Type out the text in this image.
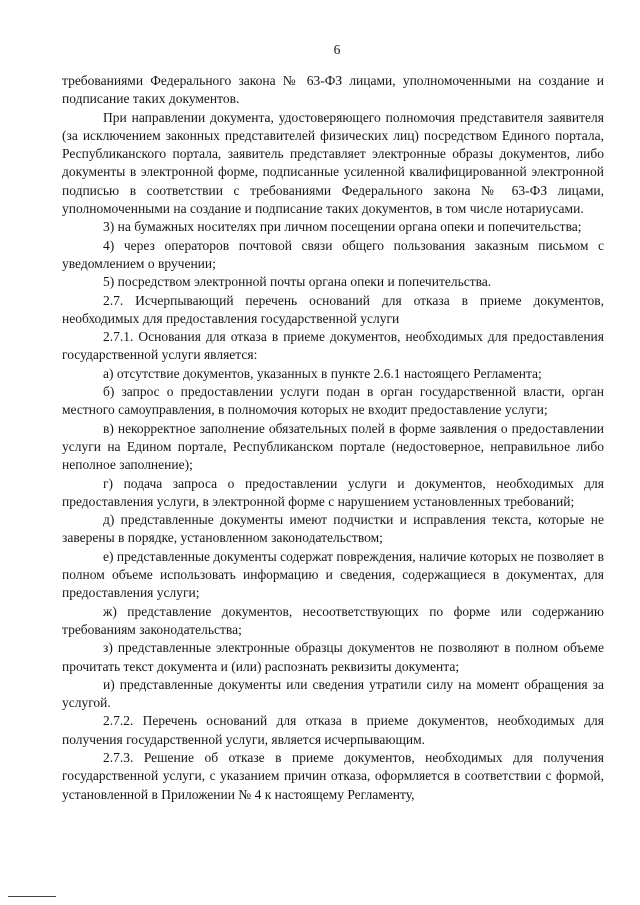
6

требованиями Федерального закона № 63-ФЗ лицами, уполномоченными на создание и подписание таких документов.

При направлении документа, удостоверяющего полномочия представителя заявителя (за исключением законных представителей физических лиц) посредством Единого портала, Республиканского портала, заявитель представляет электронные образы документов, либо документы в электронной форме, подписанные усиленной квалифицированной электронной подписью в соответствии с требованиями Федерального закона № 63-ФЗ лицами, уполномоченными на создание и подписание таких документов, в том числе нотариусами.

3) на бумажных носителях при личном посещении органа опеки и попечительства;

4) через операторов почтовой связи общего пользования заказным письмом с уведомлением о вручении;

5) посредством электронной почты органа опеки и попечительства.

2.7. Исчерпывающий перечень оснований для отказа в приеме документов, необходимых для предоставления государственной услуги

2.7.1. Основания для отказа в приеме документов, необходимых для предоставления государственной услуги является:

а) отсутствие документов, указанных в пункте 2.6.1 настоящего Регламента;

б) запрос о предоставлении услуги подан в орган государственной власти, орган местного самоуправления, в полномочия которых не входит предоставление услуги;

в) некорректное заполнение обязательных полей в форме заявления о предоставлении услуги на Едином портале, Республиканском портале (недостоверное, неправильное либо неполное заполнение);

г) подача запроса о предоставлении услуги и документов, необходимых для предоставления услуги, в электронной форме с нарушением установленных требований;

д) представленные документы имеют подчистки и исправления текста, которые не заверены в порядке, установленном законодательством;

е) представленные документы содержат повреждения, наличие которых не позволяет в полном объеме использовать информацию и сведения, содержащиеся в документах, для предоставления услуги;

ж) представление документов, несоответствующих по форме или содержанию требованиям законодательства;

з) представленные электронные образцы документов не позволяют в полном объеме прочитать текст документа и (или) распознать реквизиты документа;

и) представленные документы или сведения утратили силу на момент обращения за услугой.

2.7.2. Перечень оснований для отказа в приеме документов, необходимых для получения государственной услуги, является исчерпывающим.

2.7.3. Решение об отказе в приеме документов, необходимых для получения государственной услуги, с указанием причин отказа, оформляется в соответствии с формой, установленной в Приложении № 4 к настоящему Регламенту,
